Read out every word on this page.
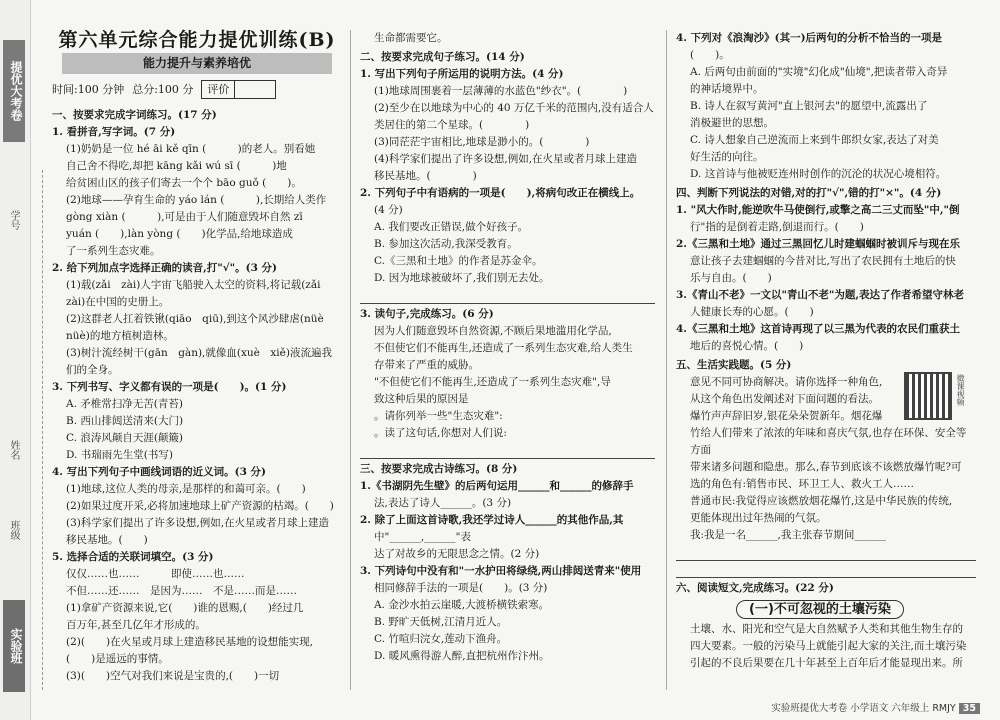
提优大考卷
学号
姓名
班级
实验班
第六单元综合能力提优训练(B)
能力提升与素养培优
时间:100 分钟 总分:100 分	评价

一、按要求完成字词练习。(17 分)

1. 看拼音,写字词。(7 分)

(1)奶奶是一位 hé āi kě qīn (　　　)的老人。别看她

自己舍不得吃,却把 kāng kǎi wú sī (　　　)地

给贫困山区的孩子们寄去一个个 bāo guǒ (　　)。

(2)地球——孕育生命的 yáo lán (　　　),长期给人类作

gòng xiàn (　　　),可是由于人们随意毁坏自然 zī

yuán (　　),làn yòng (　　)化学品,给地球造成

了一系列生态灾难。

2. 给下列加点字选择正确的读音,打"√"。(3 分)

(1)载(zǎi　zài)人宇宙飞船驶入太空的资料,将记载(zǎi

zài)在中国的史册上。

(2)这群老人扛着铁锹(qiāo　qiū),到这个风沙肆虐(nüè

nüè)的地方植树造林。

(3)树汁流经树干(gān　gàn),就像血(xuè　xiě)液流遍我

们的全身。

3. 下列书写、字义都有误的一项是(　　)。(1 分)

A. 矛椎常扫净无苦(青苔)

B. 西山排闼送清来(大门)

C. 浪涛风颠自天涯(颠簸)

D. 书瑞雨先生堂(书写)

4. 写出下列句子中画线词语的近义词。(3 分)

(1)地球,这位人类的母亲,是那样的和蔼可亲。(　　)

(2)如果过度开采,必将加速地球上矿产资源的枯竭。(　　)

(3)科学家们提出了许多设想,例如,在火星或者月球上建造

移民基地。(　　)

5. 选择合适的关联词填空。(3 分)

仅仅……也……　　　即使……也……

不但……还……　是因为……　不是……而是……

(1)拿矿产资源来说,它(　　)谁的恩赐,(　　)经过几

百万年,甚至几亿年才形成的。

(2)(　　)在火星或月球上建造移民基地的设想能实现,

(　　)是遥远的事情。

(3)(　　)空气对我们来说是宝贵的,(　　)一切

生命都需要它。

二、按要求完成句子练习。(14 分)

1. 写出下列句子所运用的说明方法。(4 分)

(1)地球周围裹着一层薄薄的水蓝色"纱衣"。(　　　　)

(2)至少在以地球为中心的 40 万亿千米的范围内,没有适合人

类居住的第二个星球。(　　　　)

(3)同茫茫宇宙相比,地球是渺小的。(　　　　)

(4)科学家们提出了许多设想,例如,在火星或者月球上建造

移民基地。(　　　　)

2. 下列句子中有语病的一项是(　　),将病句改正在横线上。

(4 分)

A. 我们要改正错误,做个好孩子。

B. 参加这次活动,我深受教育。

C.《三黑和土地》的作者是苏金伞。

D. 因为地球被破坏了,我们别无去处。

3. 读句子,完成练习。(6 分)

因为人们随意毁坏自然资源,不顾后果地滥用化学品,

不但使它们不能再生,还造成了一系列生态灾难,给人类生

存带来了严重的威胁。

"不但使它们不能再生,还造成了一系列生态灾难",导

致这种后果的原因是

。请你列举一些"生态灾难":

。读了这句话,你想对人们说:

三、按要求完成古诗练习。(8 分)

1.《书湖阴先生壁》的后两句运用______和______的修辞手

法,表达了诗人______。(3 分)

2. 除了上面这首诗歌,我还学过诗人______的其他作品,其

中"______,______"表

达了对故乡的无限思念之情。(2 分)

3. 下列诗句中没有和"一水护田将绿绕,两山排闼送青来"使用

相同修辞手法的一项是(　　)。(3 分)

A. 金沙水拍云崖暖,大渡桥横铁索寒。

B. 野旷天低树,江清月近人。

C. 竹喧归浣女,莲动下渔舟。

D. 暖风熏得游人醉,直把杭州作汴州。

4. 下列对《浪淘沙》(其一)后两句的分析不恰当的一项是

(　　)。

A. 后两句由前面的"实境"幻化成"仙境",把读者带入奇异

的神话境界中。

B. 诗人在叙写黄河"直上银河去"的愿望中,流露出了

消极避世的思想。

C. 诗人想象自己逆流而上来到牛郎织女家,表达了对美

好生活的向往。

D. 这首诗与他被贬连州时创作的沉沦的状况心境相符。

四、判断下列说法的对错,对的打"√",错的打"×"。(4 分)

1. "风大作时,能逆吹牛马使倒行,或擎之高二三丈而坠"中,"倒

行"指的是倒着走路,倒退而行。(　　)

2.《三黑和土地》通过三黑回忆儿时建蝈蝈时被训斥与现在乐

意让孩子去建蝈蝈的今昔对比,写出了农民拥有土地后的快

乐与自由。(　　)

3.《青山不老》一文以"青山不老"为题,表达了作者希望守林老

人健康长寿的心愿。(　　)

4.《三黑和土地》这首诗再现了以三黑为代表的农民们重获土

地后的喜悦心情。(　　)

五、生活实践题。(5 分)

意见不同可协商解决。请你选择一种角色,

从这个角色出发阐述对下面问题的看法。

爆竹声声辞旧岁,银花朵朵贺新年。烟花爆

竹给人们带来了浓浓的年味和喜庆气氛,也存在环保、安全等方面

带来诸多问题和隐患。那么,春节到底该不该燃放爆竹呢?可

选的角色有:销售市民、环卫工人、救火工人……

普通市民:我觉得应该燃放烟花爆竹,这是中华民族的传统,

更能体现出过年热闹的气氛。

我:我是一名______,我主张春节期间______

六、阅读短文,完成练习。(22 分)

(一)不可忽视的土壤污染

土壤、水、阳光和空气是大自然赋予人类和其他生物生存的

四大要素。一般的污染马上就能引起大家的关注,而土壤污染

引起的不良后果要在几十年甚至上百年后才能显现出来。所

微课视频
实验班提优大考卷 小学语文 六年级上 RMJY 35
